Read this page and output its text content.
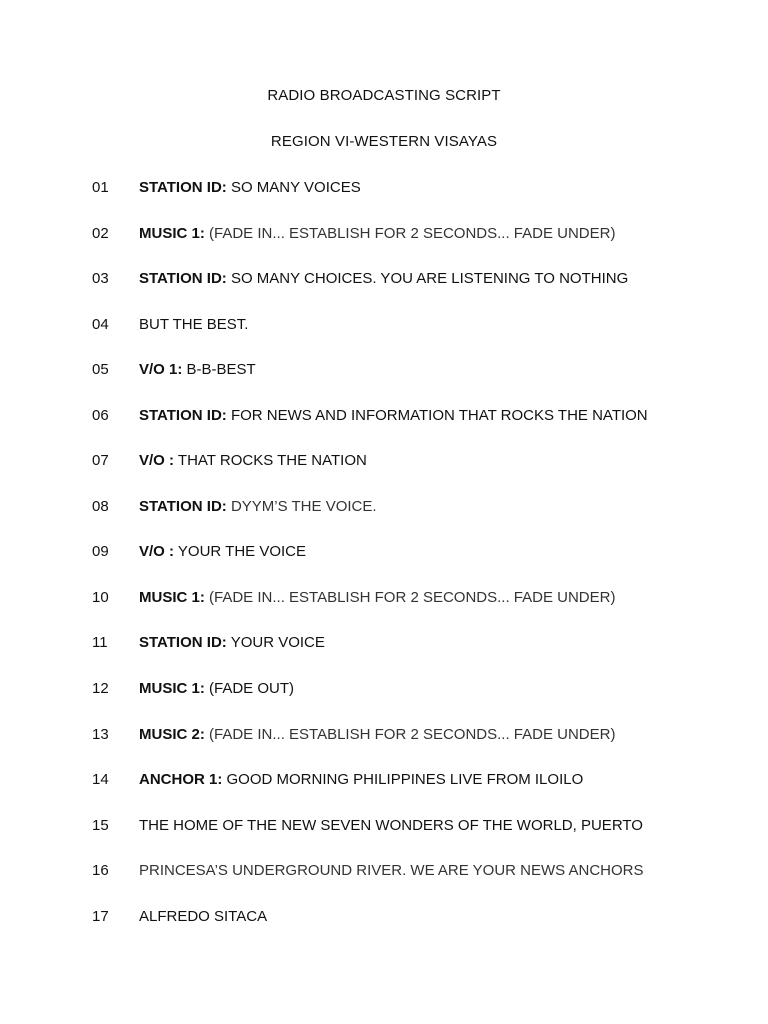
RADIO BROADCASTING SCRIPT
REGION VI-WESTERN VISAYAS
01	STATION ID: SO MANY VOICES
02	MUSIC 1: (FADE IN... ESTABLISH FOR 2 SECONDS... FADE UNDER)
03	STATION ID: SO MANY CHOICES. YOU ARE LISTENING TO NOTHING
04	BUT THE BEST.
05	V/O 1: B-B-BEST
06	STATION ID: FOR NEWS AND INFORMATION THAT ROCKS THE NATION
07	V/O : THAT ROCKS THE NATION
08	STATION ID: DYYM’S THE VOICE.
09	V/O : YOUR THE VOICE
10	MUSIC 1: (FADE IN... ESTABLISH FOR 2 SECONDS... FADE UNDER)
11	STATION ID: YOUR VOICE
12	MUSIC 1: (FADE OUT)
13	MUSIC 2: (FADE IN... ESTABLISH FOR 2 SECONDS... FADE UNDER)
14	ANCHOR 1: GOOD MORNING PHILIPPINES LIVE FROM ILOILO
15	THE HOME OF THE NEW SEVEN WONDERS OF THE WORLD, PUERTO
16	PRINCESA’S UNDERGROUND RIVER. WE ARE YOUR NEWS ANCHORS
17	ALFREDO SITACA
